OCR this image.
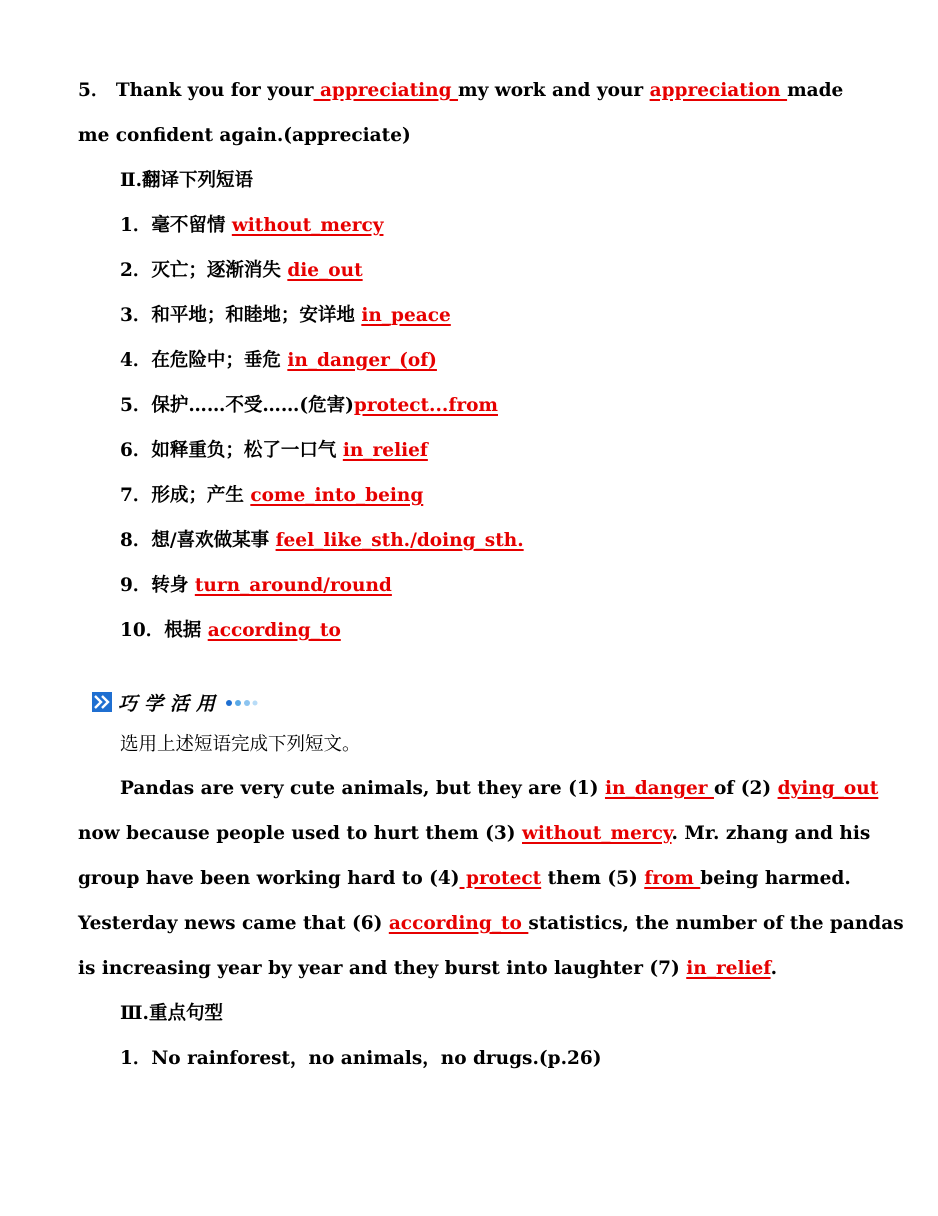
5． Thank you for your appreciating my work and your appreciation made
me confident again.(appreciate)
Ⅱ.翻译下列短语
1．毫不留情 without_mercy
2．灭亡；逐渐消失 die_out
3．和平地；和睦地；安详地 in_peace
4．在危险中；垂危 in_danger_(of)
5．保护……不受……(危害)protect...from
6．如释重负；松了一口气 in_relief
7．形成；产生 come_into_being
8．想/喜欢做某事 feel_like_sth./doing_sth.
9．转身 turn_around/round
10．根据 according_to
巧学活用
选用上述短语完成下列短文。
Pandas are very cute animals, but they are (1) in_danger of (2) dying_out
now because people used to hurt them (3) without_mercy. Mr. zhang and his
group have been working hard to (4) protect them (5) from being harmed.
Yesterday news came that (6) according_to statistics, the number of the pandas
is increasing year by year and they burst into laughter (7) in_relief.
Ⅲ.重点句型
1．No rainforest，no animals，no drugs.(p.26)
